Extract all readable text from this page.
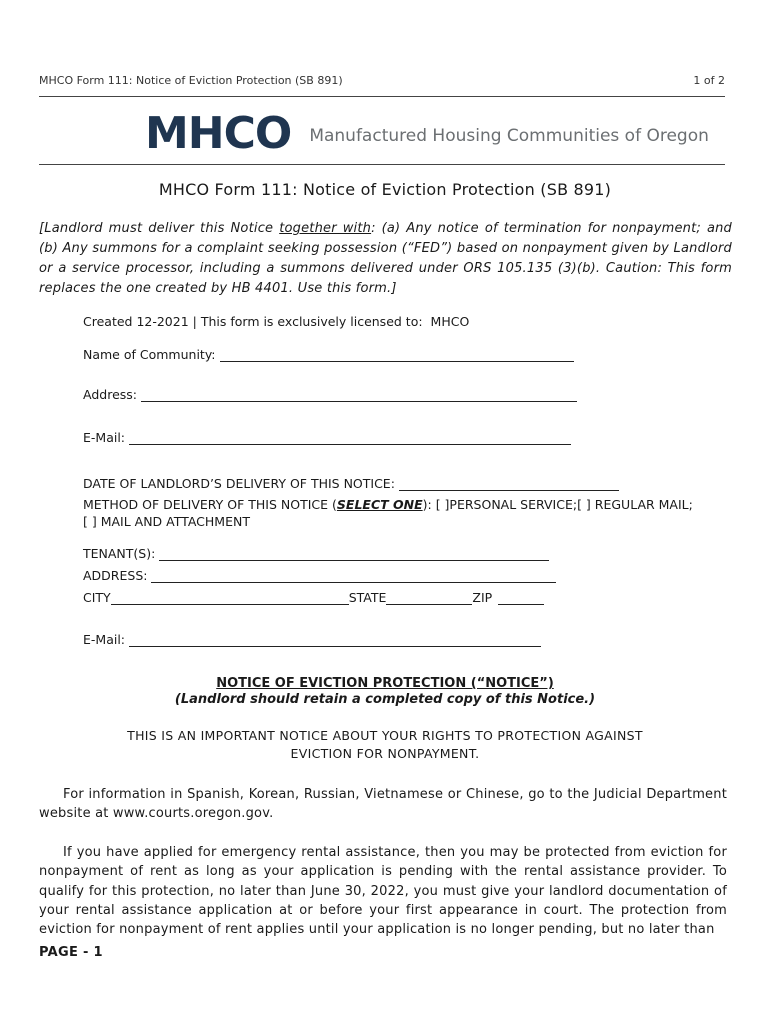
MHCO Form 111: Notice of Eviction Protection (SB 891)	1 of 2
MHCO Manufactured Housing Communities of Oregon
MHCO Form 111: Notice of Eviction Protection (SB 891)
[Landlord must deliver this Notice together with: (a) Any notice of termination for nonpayment; and (b) Any summons for a complaint seeking possession (“FED”) based on nonpayment given by Landlord or a service processor, including a summons delivered under ORS 105.135 (3)(b). Caution: This form replaces the one created by HB 4401. Use this form.]
Created 12-2021 | This form is exclusively licensed to: MHCO
Name of Community:
Address:
E-Mail:
DATE OF LANDLORD’S DELIVERY OF THIS NOTICE:
METHOD OF DELIVERY OF THIS NOTICE (SELECT ONE): [ ]PERSONAL SERVICE;[ ] REGULAR MAIL;
[ ] MAIL AND ATTACHMENT
TENANT(S):
ADDRESS:
CITY	STATE	ZIP
E-Mail:
NOTICE OF EVICTION PROTECTION (“NOTICE”)
(Landlord should retain a completed copy of this Notice.)
THIS IS AN IMPORTANT NOTICE ABOUT YOUR RIGHTS TO PROTECTION AGAINST
EVICTION FOR NONPAYMENT.
For information in Spanish, Korean, Russian, Vietnamese or Chinese, go to the Judicial Department website at www.courts.oregon.gov.
If you have applied for emergency rental assistance, then you may be protected from eviction for nonpayment of rent as long as your application is pending with the rental assistance provider. To qualify for this protection, no later than June 30, 2022, you must give your landlord documentation of your rental assistance application at or before your first appearance in court. The protection from eviction for nonpayment of rent applies until your application is no longer pending, but no later than
PAGE - 1
